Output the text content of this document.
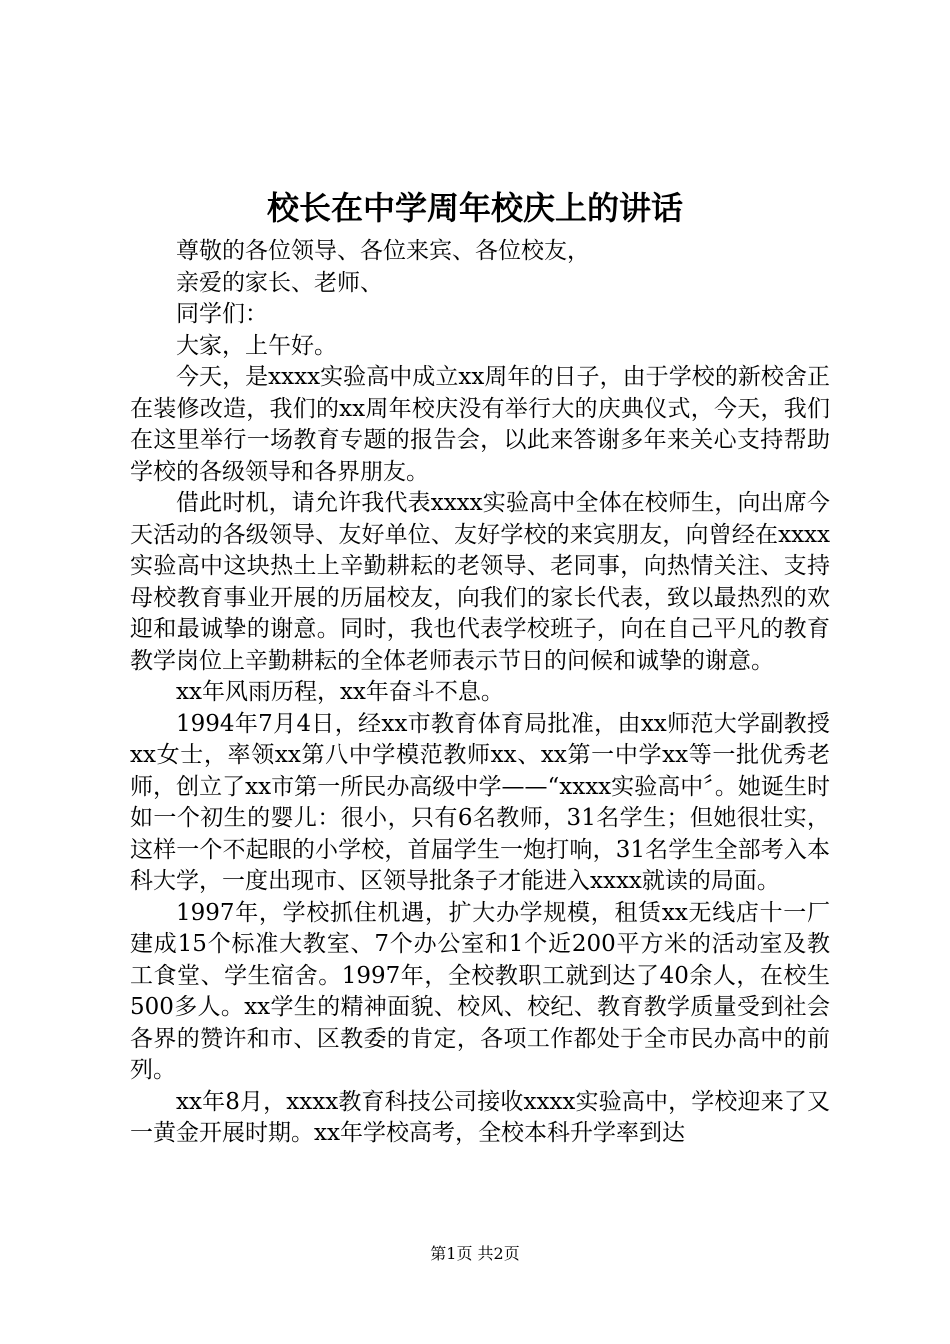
校长在中学周年校庆上的讲话

尊敬的各位领导、各位来宾、各位校友，

亲爱的家长、老师、

同学们：

大家，上午好。

今天，是xxxx实验高中成立xx周年的日子，由于学校的新校舍正在装修改造，我们的xx周年校庆没有举行大的庆典仪式，今天，我们在这里举行一场教育专题的报告会，以此来答谢多年来关心支持帮助学校的各级领导和各界朋友。

借此时机，请允许我代表xxxx实验高中全体在校师生，向出席今天活动的各级领导、友好单位、友好学校的来宾朋友，向曾经在xxxx实验高中这块热土上辛勤耕耘的老领导、老同事，向热情关注、支持母校教育事业开展的历届校友，向我们的家长代表，致以最热烈的欢迎和最诚挚的谢意。同时，我也代表学校班子，向在自己平凡的教育教学岗位上辛勤耕耘的全体老师表示节日的问候和诚挚的谢意。

xx年风雨历程，xx年奋斗不息。

1994年7月4日，经xx市教育体育局批准，由xx师范大学副教授xx女士，率领xx第八中学模范教师xx、xx第一中学xx等一批优秀老师，创立了xx市第一所民办高级中学——“xxxx实验高中〞。她诞生时如一个初生的婴儿：很小，只有6名教师，31名学生；但她很壮实，这样一个不起眼的小学校，首届学生一炮打响，31名学生全部考入本科大学，一度出现市、区领导批条子才能进入xxxx就读的局面。

1997年，学校抓住机遇，扩大办学规模，租赁xx无线店十一厂建成15个标准大教室、7个办公室和1个近200平方米的活动室及教工食堂、学生宿舍。1997年，全校教职工就到达了40余人，在校生500多人。xx学生的精神面貌、校风、校纪、教育教学质量受到社会各界的赞许和市、区教委的肯定，各项工作都处于全市民办高中的前列。

xx年8月，xxxx教育科技公司接收xxxx实验高中，学校迎来了又一黄金开展时期。xx年学校高考，全校本科升学率到达

第1页 共2页
